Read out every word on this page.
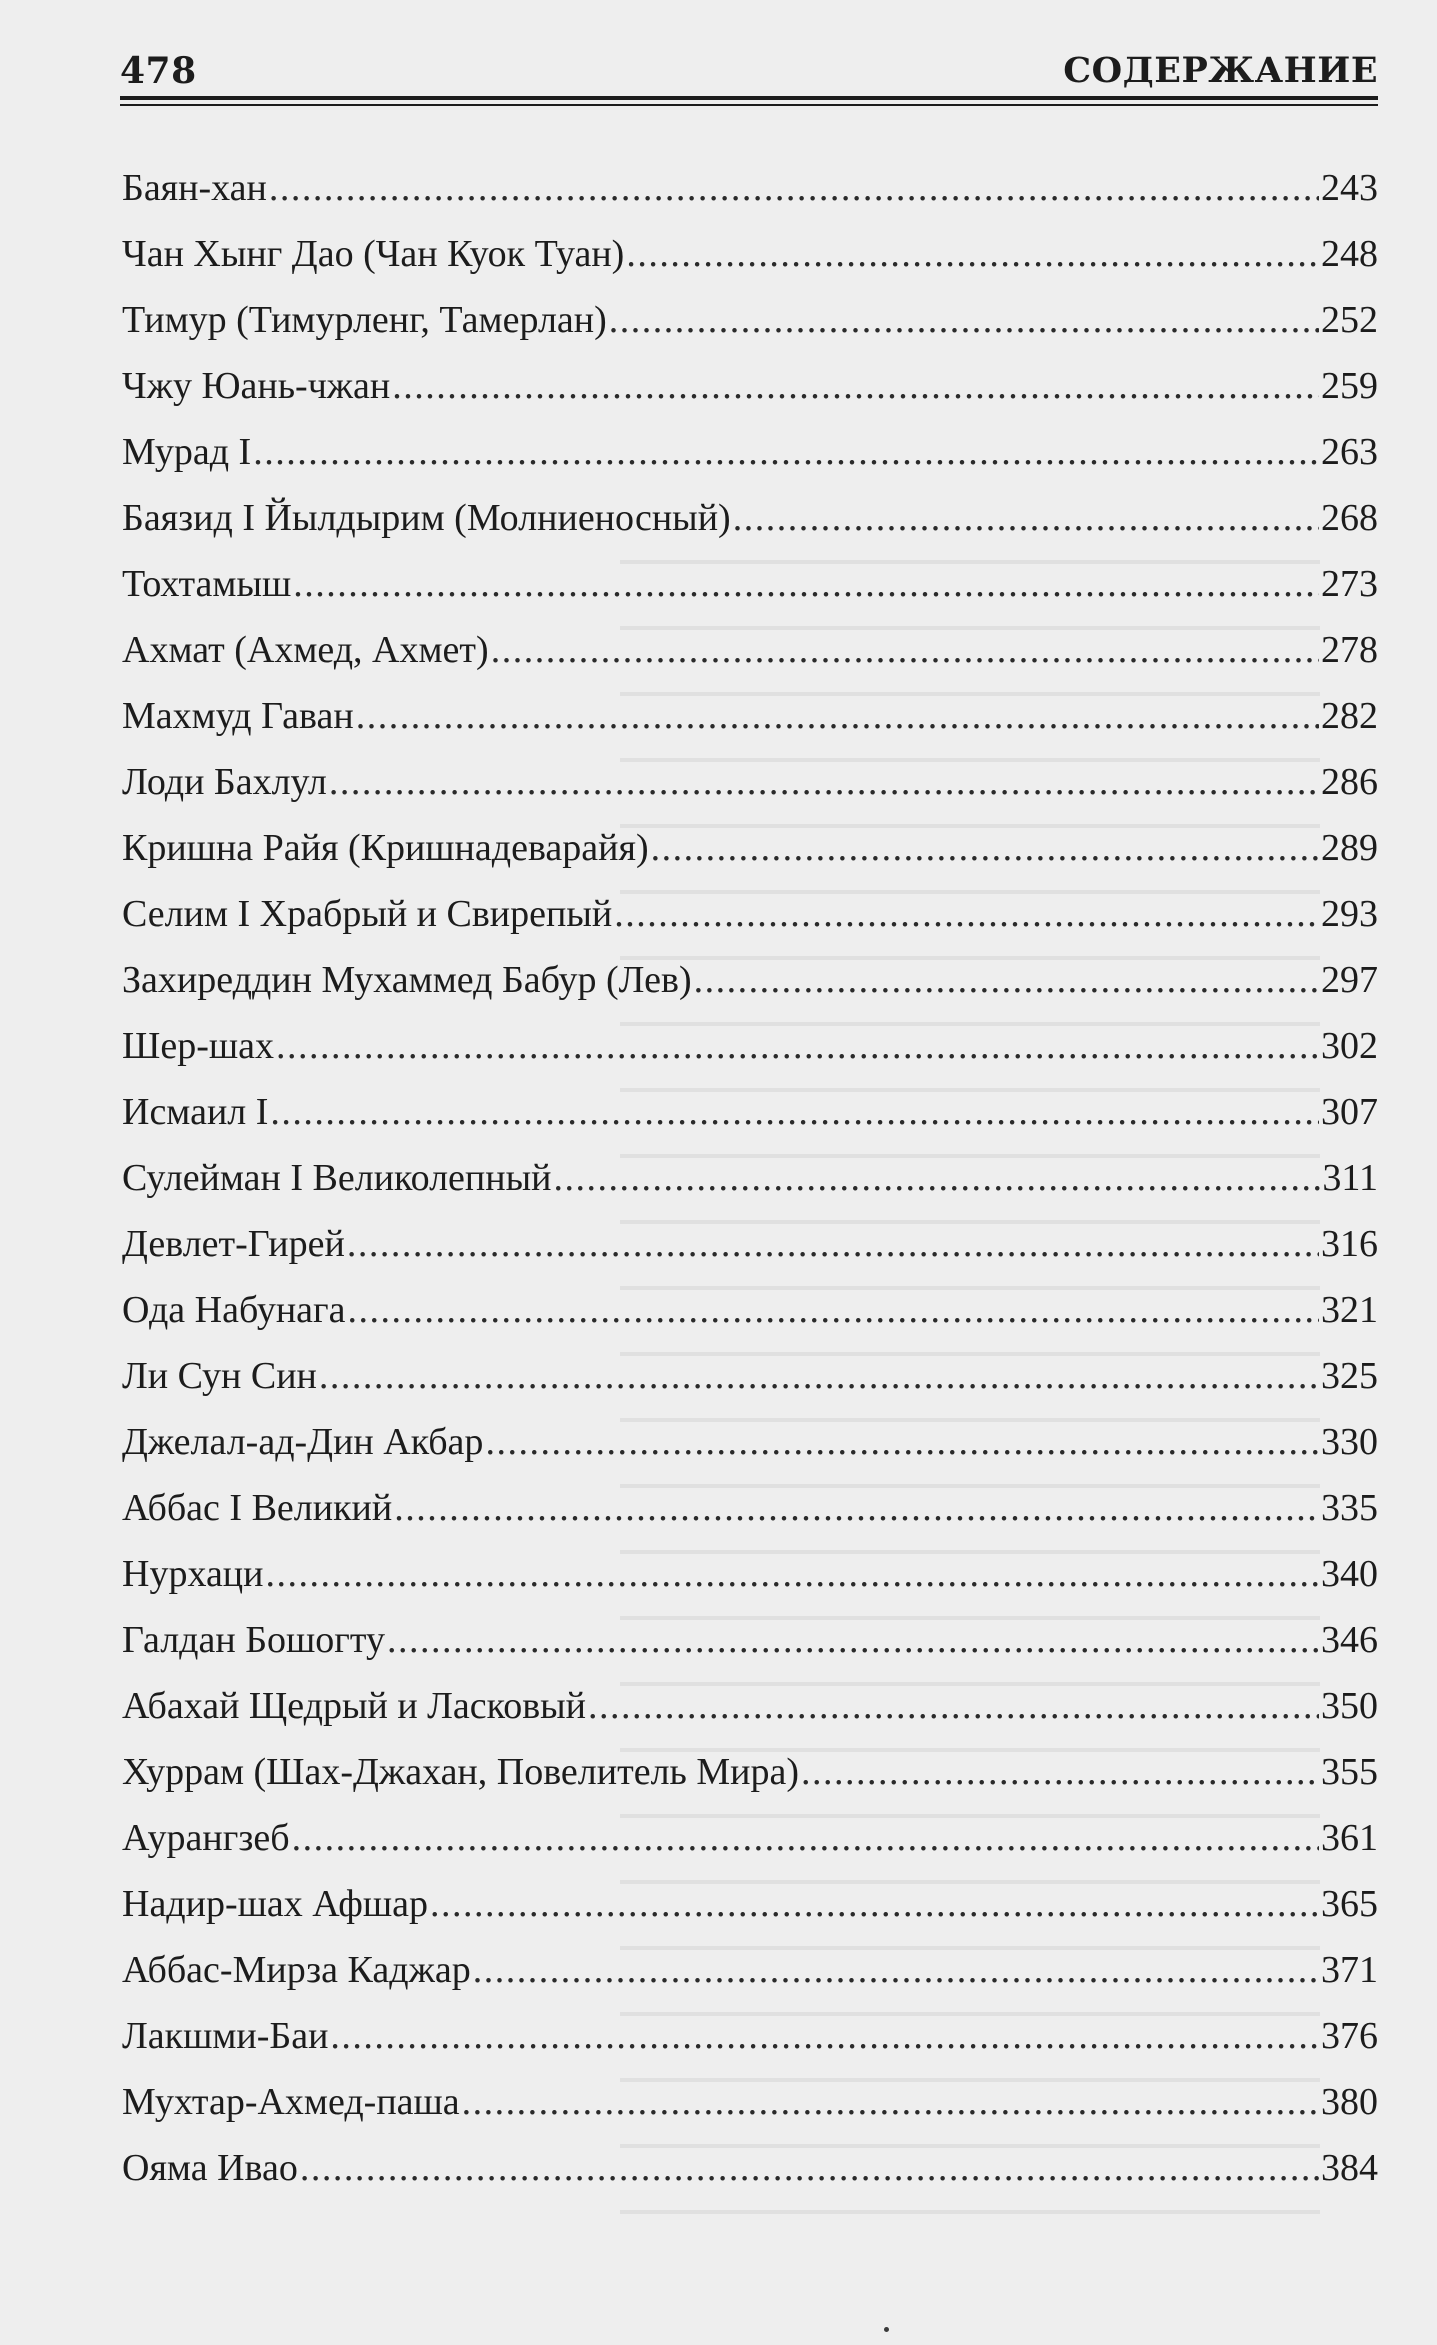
478	СОДЕРЖАНИЕ
Баян-хан .....	243
Чан Хынг Дао (Чан Куок Туан) .....	248
Тимур (Тимурленг, Тамерлан) .....	252
Чжу Юань-чжан .....	259
Мурад I .....	263
Баязид I Йылдырим (Молниеносный) .....	268
Тохтамыш .....	273
Ахмат (Ахмед, Ахмет) .....	278
Махмуд Гаван .....	282
Лоди Бахлул .....	286
Кришна Райя (Кришнадеварайя) .....	289
Селим I Храбрый и Свирепый .....	293
Захиреддин Мухаммед Бабур (Лев) .....	297
Шер-шах .....	302
Исмаил I .....	307
Сулейман I Великолепный .....	311
Девлет-Гирей .....	316
Ода Набунага .....	321
Ли Сун Син .....	325
Джелал-ад-Дин Акбар .....	330
Аббас I Великий .....	335
Нурхаци .....	340
Галдан Бошогту .....	346
Абахай Щедрый и Ласковый .....	350
Хуррам (Шах-Джахан, Повелитель Мира) .....	355
Аурангзеб .....	361
Надир-шах Афшар .....	365
Аббас-Мирза Каджар .....	371
Лакшми-Баи .....	376
Мухтар-Ахмед-паша .....	380
Ояма Ивао .....	384
